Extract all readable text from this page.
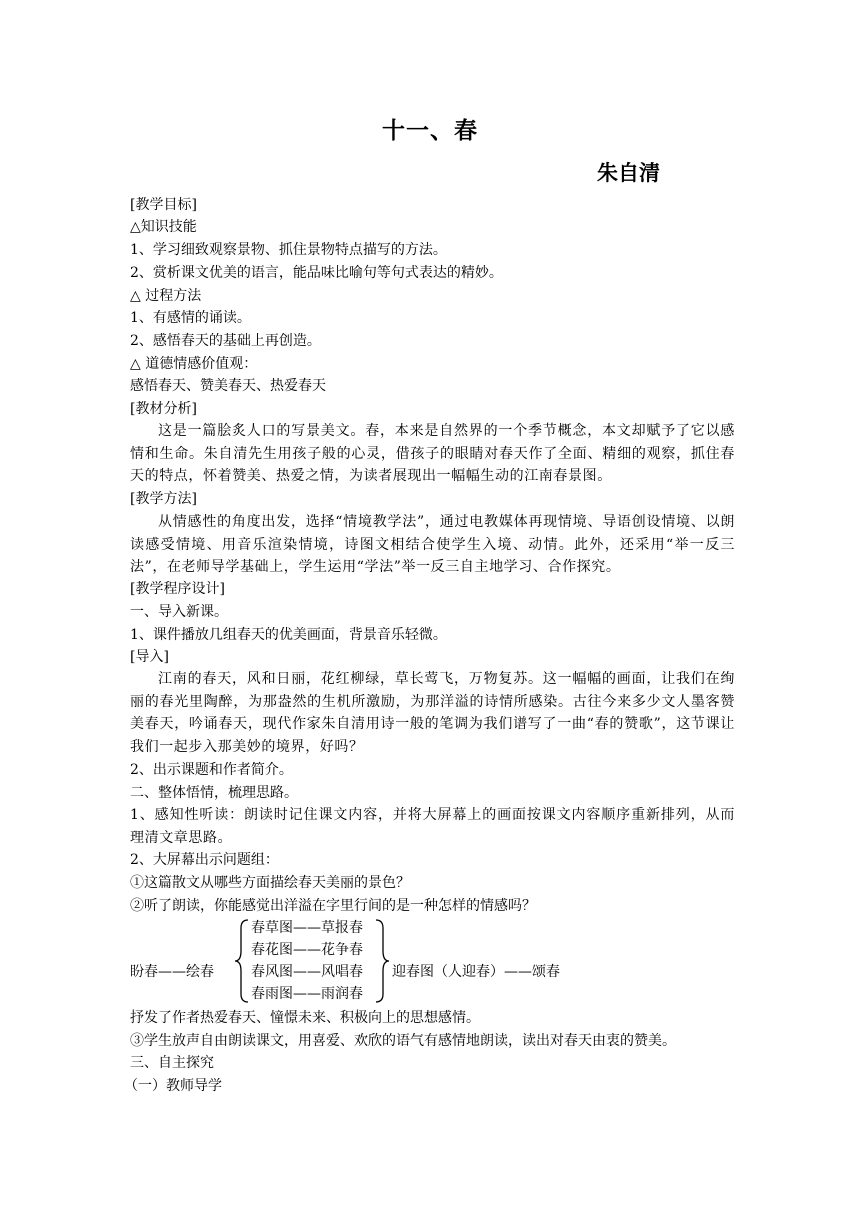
十一、春
朱自清
[教学目标]
△知识技能
1、学习细致观察景物、抓住景物特点描写的方法。
2、赏析课文优美的语言，能品味比喻句等句式表达的精妙。
△ 过程方法
1、有感情的诵读。
2、感悟春天的基础上再创造。
△ 道德情感价值观：
感悟春天、赞美春天、热爱春天
[教材分析]
这是一篇脍炙人口的写景美文。春，本来是自然界的一个季节概念，本文却赋予了它以感情和生命。朱自清先生用孩子般的心灵，借孩子的眼睛对春天作了全面、精细的观察，抓住春天的特点，怀着赞美、热爱之情，为读者展现出一幅幅生动的江南春景图。
[教学方法]
从情感性的角度出发，选择“情境教学法”，通过电教媒体再现情境、导语创设情境、以朗读感受情境、用音乐渲染情境，诗图文相结合使学生入境、动情。此外，还采用“举一反三法”，在老师导学基础上，学生运用“学法”举一反三自主地学习、合作探究。
[教学程序设计]
一、导入新课。
1、课件播放几组春天的优美画面，背景音乐轻微。
[导入]
江南的春天，风和日丽，花红柳绿，草长莺飞，万物复苏。这一幅幅的画面，让我们在绚丽的春光里陶醉，为那盎然的生机所激励，为那洋溢的诗情所感染。古往今来多少文人墨客赞美春天，吟诵春天，现代作家朱自清用诗一般的笔调为我们谱写了一曲“春的赞歌”，这节课让我们一起步入那美妙的境界，好吗？
2、出示课题和作者简介。
二、整体悟情，梳理思路。
1、感知性听读：朗读时记住课文内容，并将大屏幕上的画面按课文内容顺序重新排列，从而理清文章思路。
2、大屏幕出示问题组：
①这篇散文从哪些方面描绘春天美丽的景色？
②听了朗读，你能感觉出洋溢在字里行间的是一种怎样的情感吗？
盼春——绘春
春草图——草报春
春花图——花争春
春风图——风唱春
春雨图——雨润春
迎春图（人迎春）——颂春
抒发了作者热爱春天、憧憬未来、积极向上的思想感情。
③学生放声自由朗读课文，用喜爱、欢欣的语气有感情地朗读，读出对春天由衷的赞美。
三、自主探究
（一）教师导学
